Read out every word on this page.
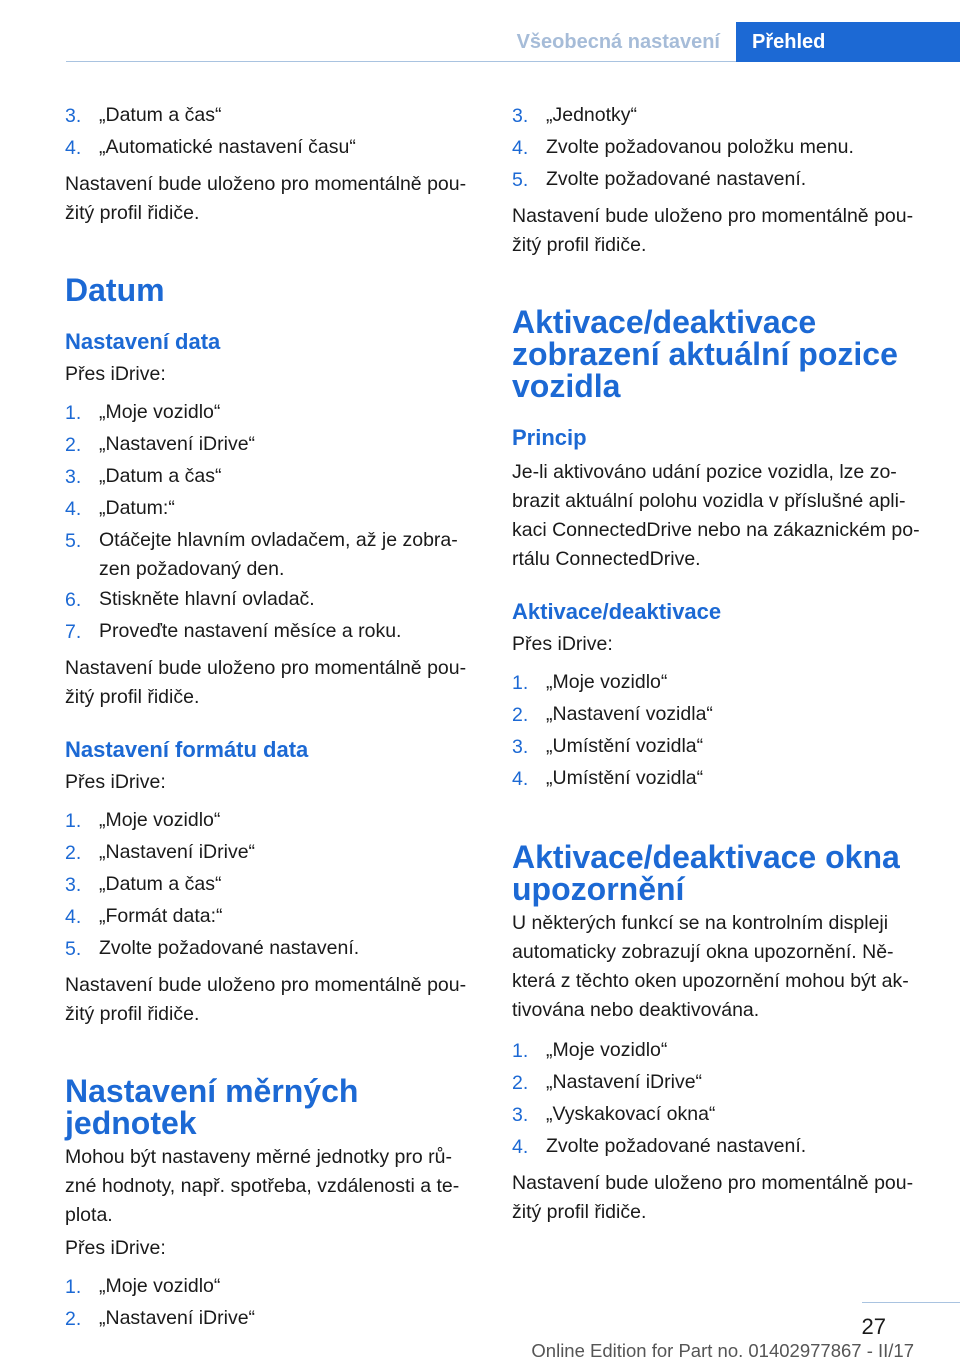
Všeobecná nastavení	Přehled
3. „Datum a čas“
4. „Automatické nastavení času“

Nastavení bude uloženo pro momentálně použitý profil řidiče.

Datum
Nastavení data

Přes iDrive:

1. „Moje vozidlo“
2. „Nastavení iDrive“
3. „Datum a čas“
4. „Datum:“
5. Otáčejte hlavním ovladačem, až je zobrazen požadovaný den.
6. Stiskněte hlavní ovladač.
7. Proveďte nastavení měsíce a roku.

Nastavení bude uloženo pro momentálně použitý profil řidiče.

Nastavení formátu data

Přes iDrive:

1. „Moje vozidlo“
2. „Nastavení iDrive“
3. „Datum a čas“
4. „Formát data:“
5. Zvolte požadované nastavení.

Nastavení bude uloženo pro momentálně použitý profil řidiče.

Nastavení měrných jednotek

Mohou být nastaveny měrné jednotky pro různé hodnoty, např. spotřeba, vzdálenosti a teplota.

Přes iDrive:

1. „Moje vozidlo“
2. „Nastavení iDrive“
3. „Jednotky“
4. Zvolte požadovanou položku menu.
5. Zvolte požadované nastavení.

Nastavení bude uloženo pro momentálně použitý profil řidiče.

Aktivace/deaktivace zobrazení aktuální pozice vozidla
Princip

Je-li aktivováno udání pozice vozidla, lze zobrazit aktuální polohu vozidla v příslušné aplikaci ConnectedDrive nebo na zákaznickém portálu ConnectedDrive.

Aktivace/deaktivace

Přes iDrive:

1. „Moje vozidlo“
2. „Nastavení vozidla“
3. „Umístění vozidla“
4. „Umístění vozidla“
Aktivace/deaktivace okna upozornění

U některých funkcí se na kontrolním displeji automaticky zobrazují okna upozornění. Některá z těchto oken upozornění mohou být aktivována nebo deaktivována.

1. „Moje vozidlo“
2. „Nastavení iDrive“
3. „Vyskakovací okna“
4. Zvolte požadované nastavení.

Nastavení bude uloženo pro momentálně použitý profil řidiče.

27
Online Edition for Part no. 01402977867 - II/17
